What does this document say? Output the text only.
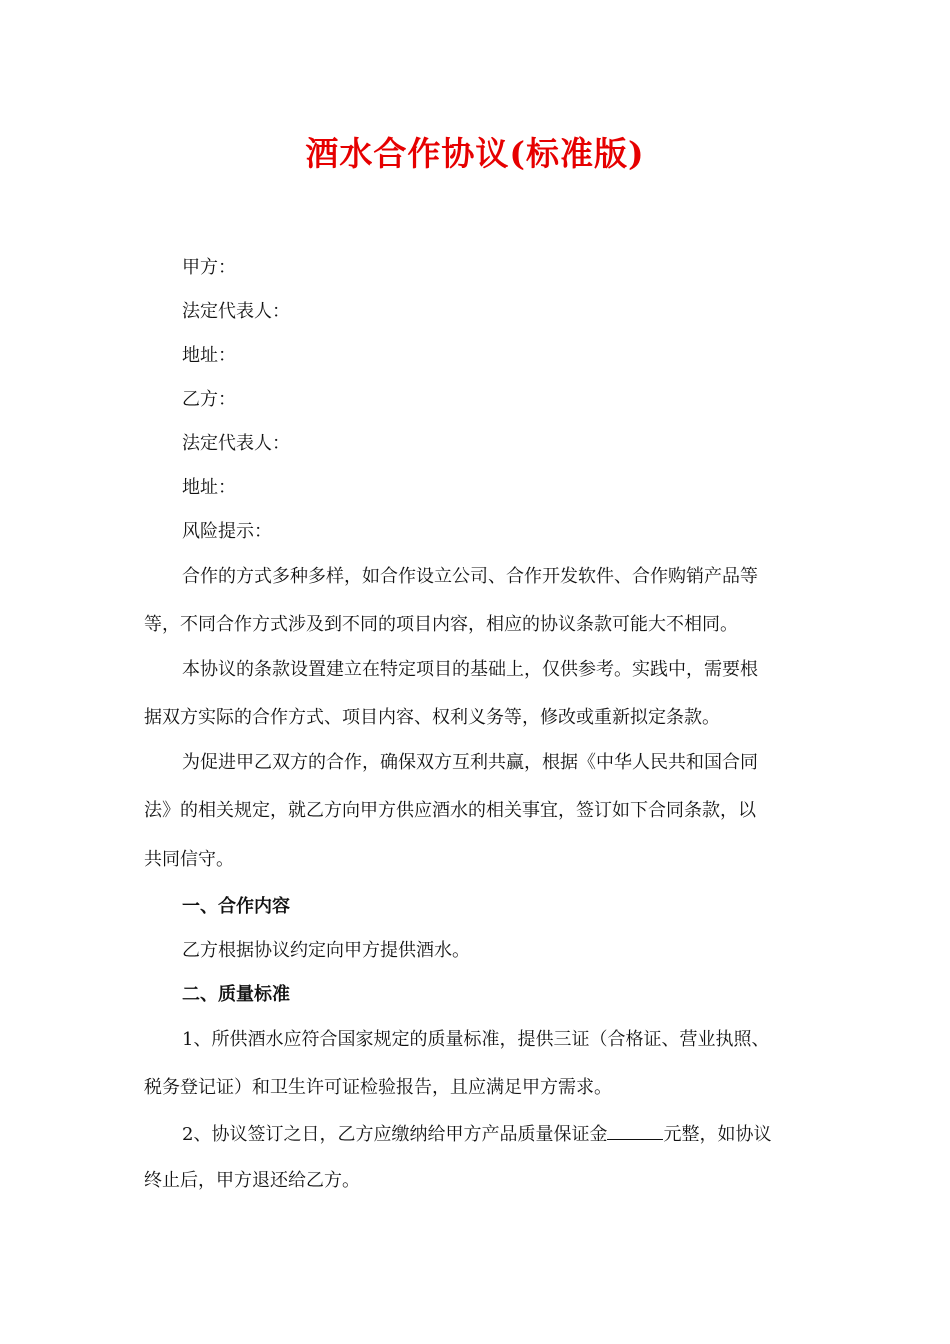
酒水合作协议(标准版)
甲方：
法定代表人：
地址：
乙方：
法定代表人：
地址：
风险提示：
合作的方式多种多样，如合作设立公司、合作开发软件、合作购销产品等
等，不同合作方式涉及到不同的项目内容，相应的协议条款可能大不相同。
本协议的条款设置建立在特定项目的基础上，仅供参考。实践中，需要根
据双方实际的合作方式、项目内容、权利义务等，修改或重新拟定条款。
为促进甲乙双方的合作，确保双方互利共赢，根据《中华人民共和国合同
法》的相关规定，就乙方向甲方供应酒水的相关事宜，签订如下合同条款，以
共同信守。
一、合作内容
乙方根据协议约定向甲方提供酒水。
二、质量标准
1、所供酒水应符合国家规定的质量标准，提供三证（合格证、营业执照、
税务登记证）和卫生许可证检验报告，且应满足甲方需求。
2、协议签订之日，乙方应缴纳给甲方产品质量保证金	元整，如协议
终止后，甲方退还给乙方。
